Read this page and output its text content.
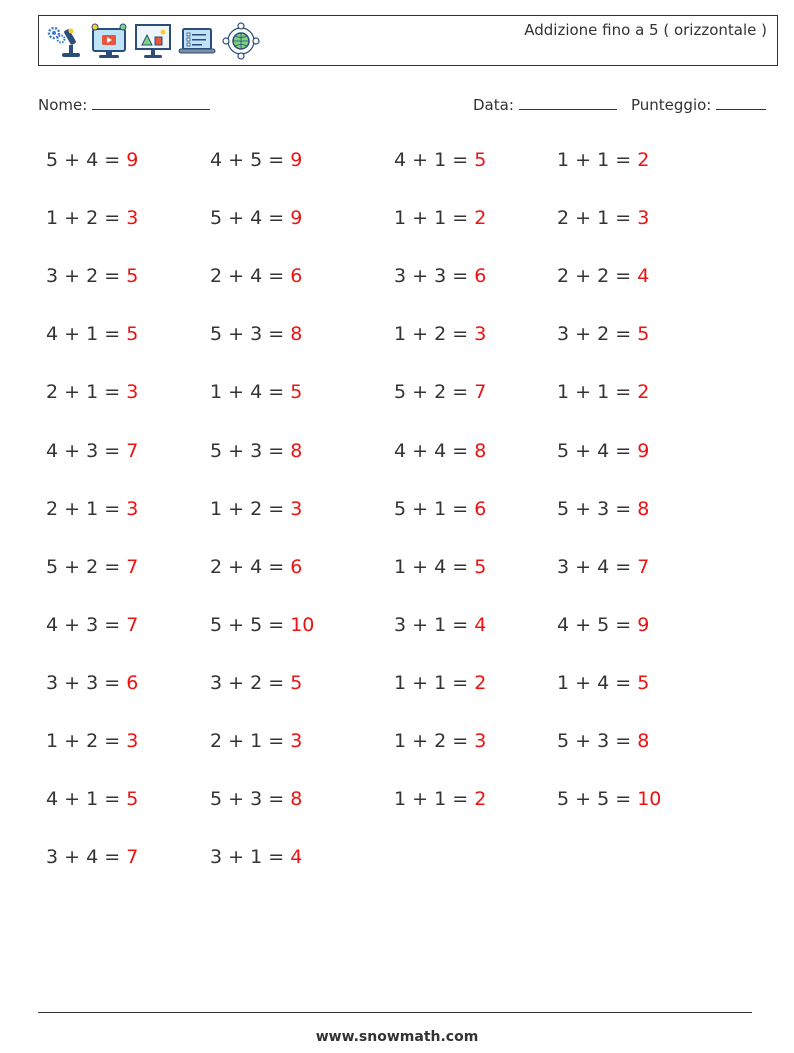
Addizione fino a 5 ( orizzontale )
Nome:	Data:	Punteggio:
5 + 4 = 9	4 + 5 = 9	4 + 1 = 5	1 + 1 = 2
1 + 2 = 3	5 + 4 = 9	1 + 1 = 2	2 + 1 = 3
3 + 2 = 5	2 + 4 = 6	3 + 3 = 6	2 + 2 = 4
4 + 1 = 5	5 + 3 = 8	1 + 2 = 3	3 + 2 = 5
2 + 1 = 3	1 + 4 = 5	5 + 2 = 7	1 + 1 = 2
4 + 3 = 7	5 + 3 = 8	4 + 4 = 8	5 + 4 = 9
2 + 1 = 3	1 + 2 = 3	5 + 1 = 6	5 + 3 = 8
5 + 2 = 7	2 + 4 = 6	1 + 4 = 5	3 + 4 = 7
4 + 3 = 7	5 + 5 = 10	3 + 1 = 4	4 + 5 = 9
3 + 3 = 6	3 + 2 = 5	1 + 1 = 2	1 + 4 = 5
1 + 2 = 3	2 + 1 = 3	1 + 2 = 3	5 + 3 = 8
4 + 1 = 5	5 + 3 = 8	1 + 1 = 2	5 + 5 = 10
3 + 4 = 7	3 + 1 = 4
www.snowmath.com
